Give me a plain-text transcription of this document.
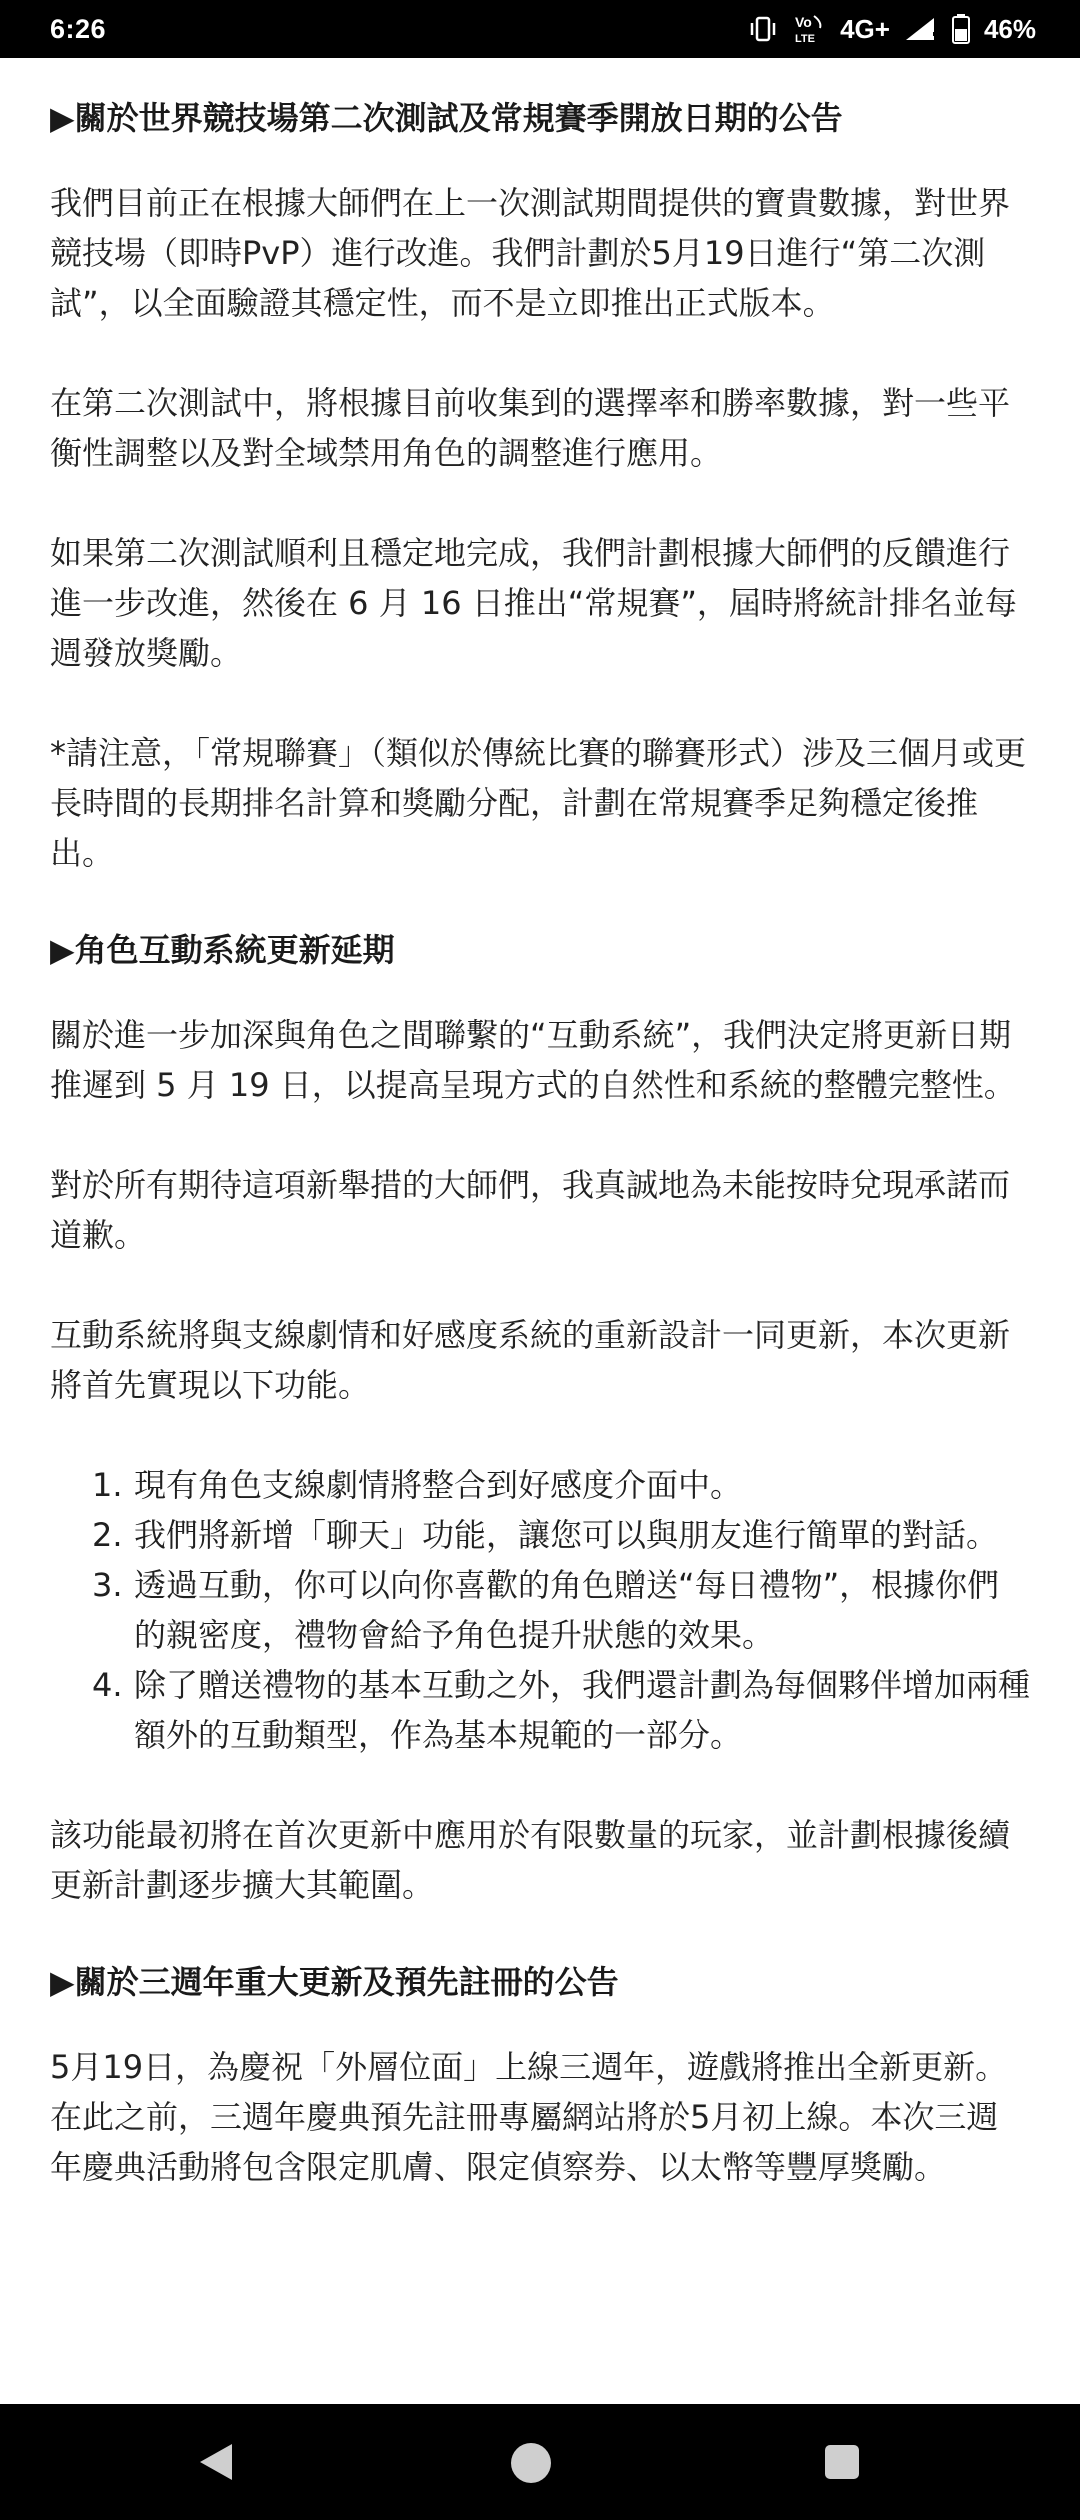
6:26	Vo
LTE 4G+	46%
▶關於世界競技場第二次測試及常規賽季開放日期的公告

我們目前正在根據大師們在上一次測試期間提供的寶貴數據，對世界競技場（即時PvP）進行改進。我們計劃於5月19日進行“第二次測試”，以全面驗證其穩定性，而不是立即推出正式版本。

在第二次測試中，將根據目前收集到的選擇率和勝率數據，對一些平衡性調整以及對全域禁用角色的調整進行應用。

如果第二次測試順利且穩定地完成，我們計劃根據大師們的反饋進行進一步改進，然後在 6 月 16 日推出“常規賽”，屆時將統計排名並每週發放獎勵。

*請注意，「常規聯賽」（類似於傳統比賽的聯賽形式）涉及三個月或更長時間的長期排名計算和獎勵分配，計劃在常規賽季足夠穩定後推出。

▶角色互動系統更新延期

關於進一步加深與角色之間聯繫的“互動系統”，我們決定將更新日期推遲到 5 月 19 日，以提高呈現方式的自然性和系統的整體完整性。

對於所有期待這項新舉措的大師們，我真誠地為未能按時兌現承諾而道歉。

互動系統將與支線劇情和好感度系統的重新設計一同更新，本次更新將首先實現以下功能。

1. 現有角色支線劇情將整合到好感度介面中。
2. 我們將新增「聊天」功能，讓您可以與朋友進行簡單的對話。
3. 透過互動，你可以向你喜歡的角色贈送“每日禮物”，根據你們的親密度，禮物會給予角色提升狀態的效果。
4. 除了贈送禮物的基本互動之外，我們還計劃為每個夥伴增加兩種額外的互動類型，作為基本規範的一部分。

該功能最初將在首次更新中應用於有限數量的玩家，並計劃根據後續更新計劃逐步擴大其範圍。

▶關於三週年重大更新及預先註冊的公告

5月19日，為慶祝「外層位面」上線三週年，遊戲將推出全新更新。在此之前，三週年慶典預先註冊專屬網站將於5月初上線。本次三週年慶典活動將包含限定肌膚、限定偵察券、以太幣等豐厚獎勵。
